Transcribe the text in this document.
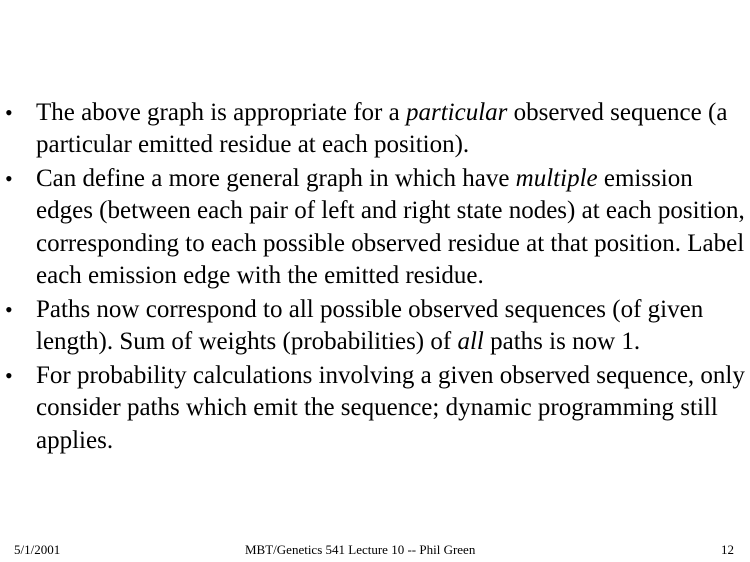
• The above graph is appropriate for a particular observed sequence (a particular emitted residue at each position).
• Can define a more general graph in which have multiple emission edges (between each pair of left and right state nodes) at each position, corresponding to each possible observed residue at that position. Label each emission edge with the emitted residue.
• Paths now correspond to all possible observed sequences (of given length). Sum of weights (probabilities) of all paths is now 1.
• For probability calculations involving a given observed sequence, only consider paths which emit the sequence; dynamic programming still applies.
5/1/2001	MBT/Genetics 541 Lecture 10 -- Phil Green	12
